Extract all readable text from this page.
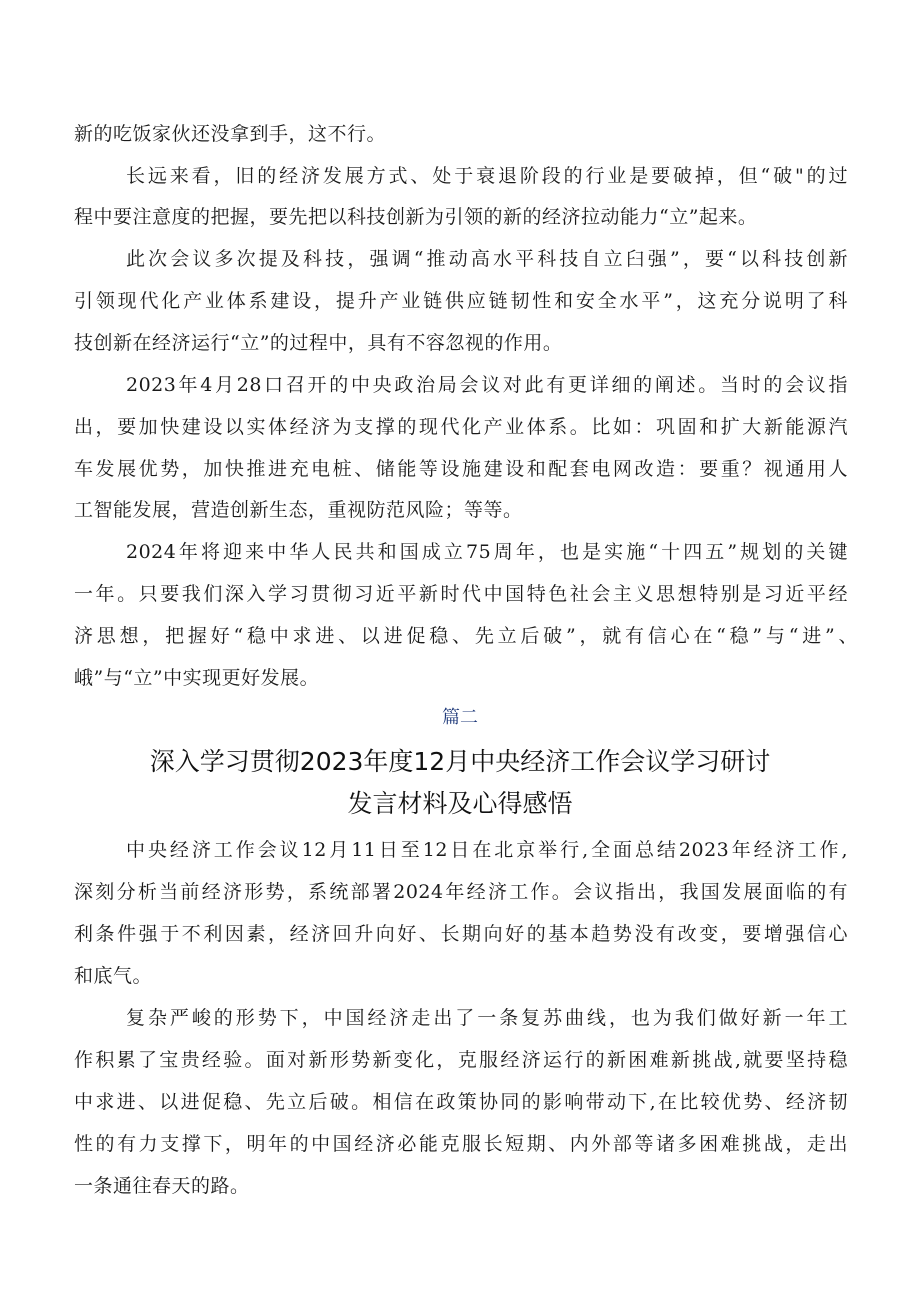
新的吃饭家伙还没拿到手，这不行。
长远来看，旧的经济发展方式、处于衰退阶段的行业是要破掉，但“破"的过
程中要注意度的把握，要先把以科技创新为引领的新的经济拉动能力“立”起来。
此次会议多次提及科技，强调“推动高水平科技自立臼强”，要“以科技创新
引领现代化产业体系建设，提升产业链供应链韧性和安全水平”，这充分说明了科
技创新在经济运行“立”的过程中，具有不容忽视的作用。
2023年4月28口召开的中央政治局会议对此有更详细的阐述。当时的会议指
出，要加快建设以实体经济为支撑的现代化产业体系。比如：巩固和扩大新能源汽
车发展优势，加快推进充电桩、储能等设施建设和配套电网改造：要重？视通用人
工智能发展，营造创新生态，重视防范风险；等等。
2024年将迎来中华人民共和国成立75周年，也是实施“十四五”规划的关键
一年。只要我们深入学习贯彻习近平新时代中国特色社会主义思想特别是习近平经
济思想，把握好“稳中求进、以进促稳、先立后破”，就有信心在“稳”与“进”、
峨”与“立”中实现更好发展。
篇二
深入学习贯彻2023年度12月中央经济工作会议学习研讨
发言材料及心得感悟
中央经济工作会议12月11日至12日在北京举行,全面总结2023年经济工作,
深刻分析当前经济形势，系统部署2024年经济工作。会议指出，我国发展面临的有
利条件强于不利因素，经济回升向好、长期向好的基本趋势没有改变，要增强信心
和底气。
复杂严峻的形势下，中国经济走出了一条复苏曲线，也为我们做好新一年工
作积累了宝贵经验。面对新形势新变化，克服经济运行的新困难新挑战,就要坚持稳
中求进、以进促稳、先立后破。相信在政策协同的影响带动下,在比较优势、经济韧
性的有力支撑下，明年的中国经济必能克服长短期、内外部等诸多困难挑战，走出
一条通往春天的路。
